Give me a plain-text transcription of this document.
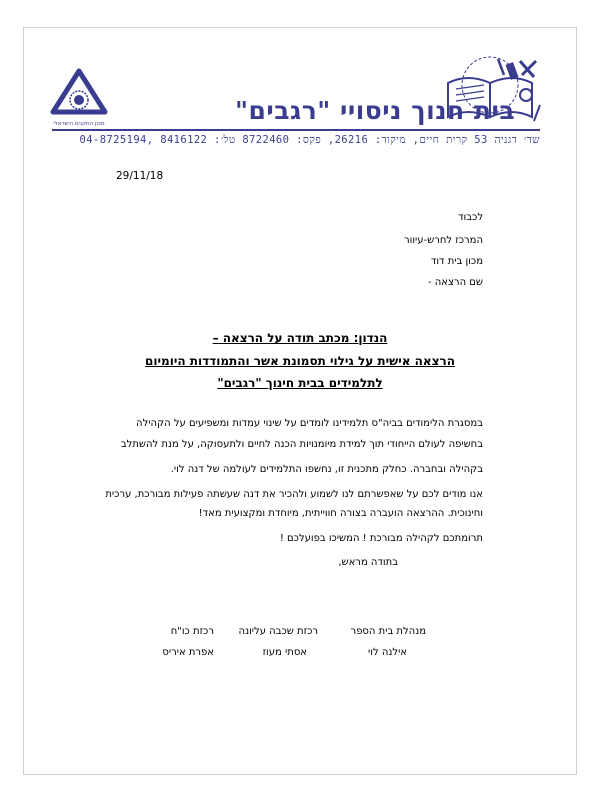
מכון התקנים הישראלי	בית חנוך ניסויי "רגבים"
שד׳ דגניה 53 קרית חיים, מיקוד: 26216, פקס: 8722460 טל׳: 8416122 ,04-8725194
29/11/18
לכבוד
המרכז לחרש-עיוור
מכון בית דוד
שם הרצאה -
הנדון: מכתב תודה על הרצאה –
הרצאה אישית על גילוי תסמונת אשר והתמודדות היומיום
לתלמידים בבית חינוך "רגבים"
במסגרת הלימודים בביה"ס תלמידינו לומדים על שינוי עמדות ומשפיעים על הקהילה
בחשיפה לעולם הייחודי תוך למידת מיומנויות הכנה לחיים ולתעסוקה, על מנת להשתלב
בקהילה ובחברה. כחלק מתכנית זו, נחשפו התלמידים לעולמה של דנה לוי.
אנו מודים לכם על שאפשרתם לנו לשמוע ולהכיר את דנה שעשתה פעילות מבורכת, ערכית
וחינוכית. ההרצאה הועברה בצורה חווייתית, מיוחדת ומקצועית מאד!
תרומתכם לקהילה מבורכת ! המשיכו בפועלכם !
בתודה מראש,
מנהלת בית הספר
אילנה לוי
רכזת שכבה עליונה
אסתי מעוז
רכזת כו"ח
אפרת איריס
